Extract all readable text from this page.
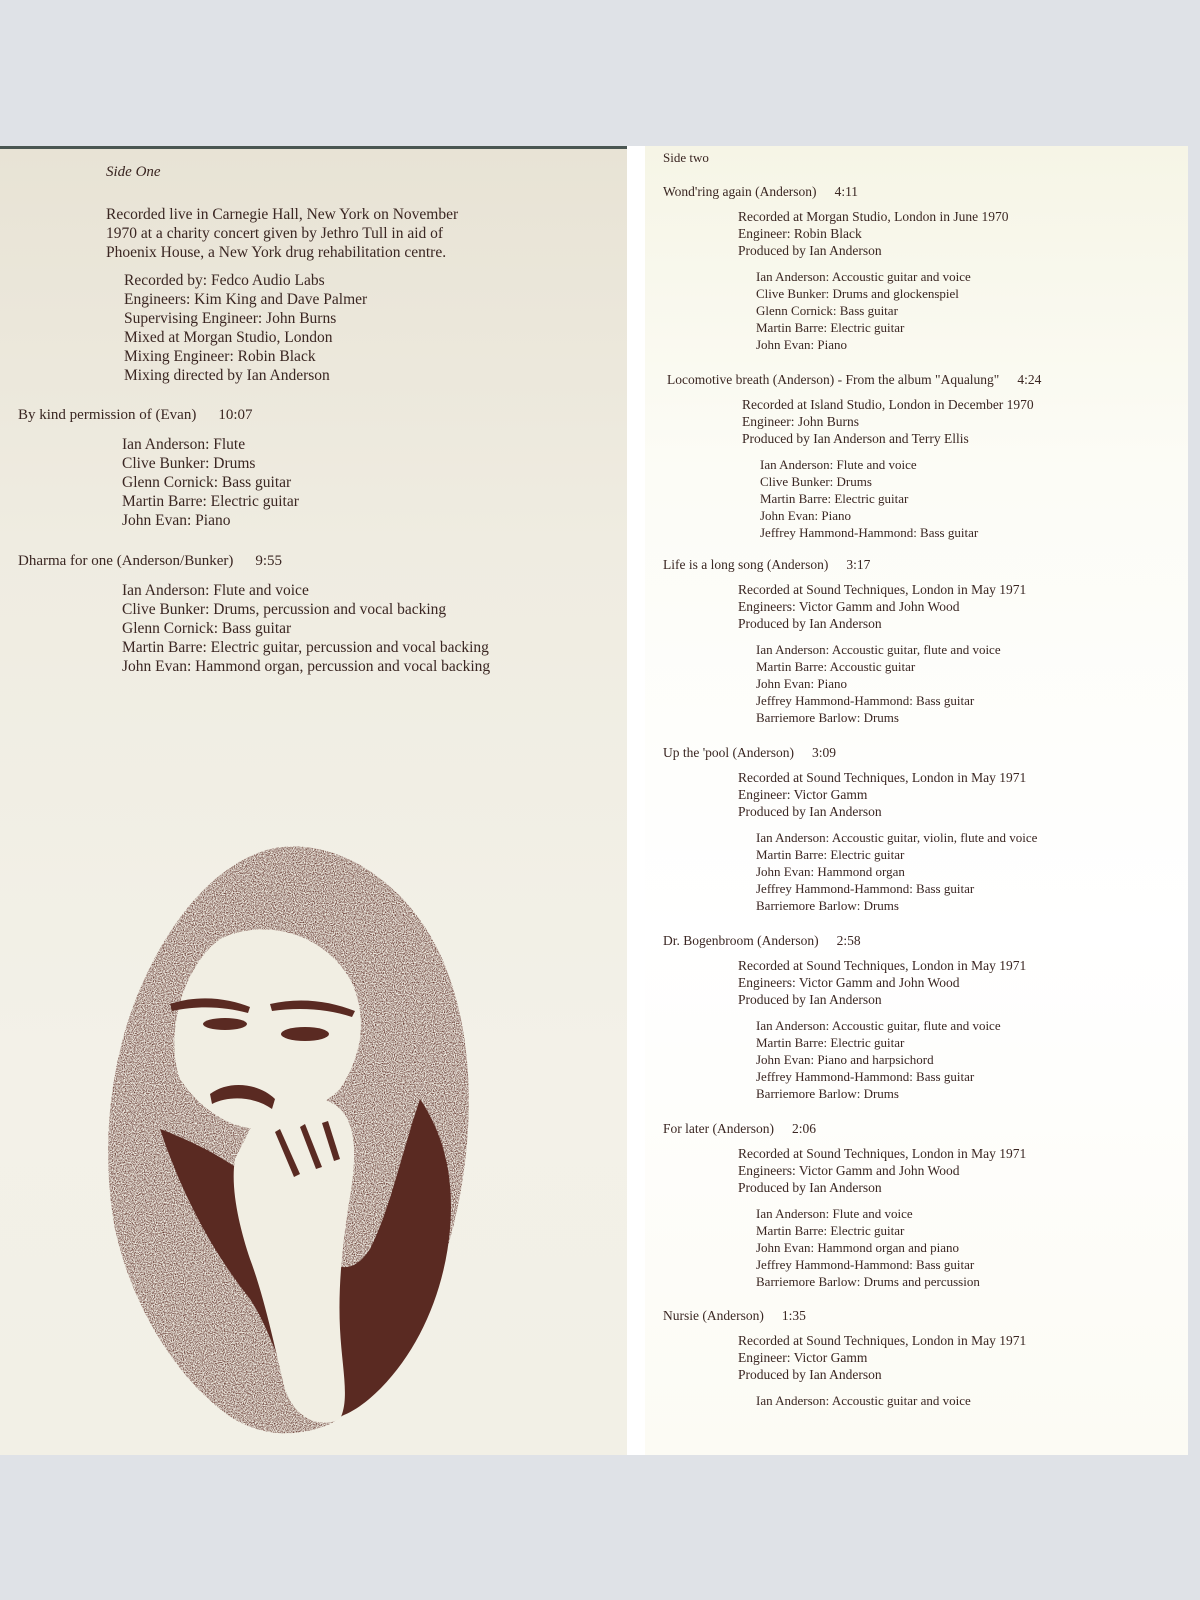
Side One
Recorded live in Carnegie Hall, New York on November
1970 at a charity concert given by Jethro Tull in aid of
Phoenix House, a New York drug rehabilitation centre.
Recorded by: Fedco Audio Labs
Engineers: Kim King and Dave Palmer
Supervising Engineer: John Burns
Mixed at Morgan Studio, London
Mixing Engineer: Robin Black
Mixing directed by Ian Anderson
By kind permission of (Evan) 10:07
Ian Anderson: Flute
Clive Bunker: Drums
Glenn Cornick: Bass guitar
Martin Barre: Electric guitar
John Evan: Piano
Dharma for one (Anderson/Bunker) 9:55
Ian Anderson: Flute and voice
Clive Bunker: Drums, percussion and vocal backing
Glenn Cornick: Bass guitar
Martin Barre: Electric guitar, percussion and vocal backing
John Evan: Hammond organ, percussion and vocal backing
Side two
Wond'ring again (Anderson) 4:11
Recorded at Morgan Studio, London in June 1970
Engineer: Robin Black
Produced by Ian Anderson
Ian Anderson: Accoustic guitar and voice
Clive Bunker: Drums and glockenspiel
Glenn Cornick: Bass guitar
Martin Barre: Electric guitar
John Evan: Piano
Locomotive breath (Anderson) - From the album "Aqualung" 4:24
Recorded at Island Studio, London in December 1970
Engineer: John Burns
Produced by Ian Anderson and Terry Ellis
Ian Anderson: Flute and voice
Clive Bunker: Drums
Martin Barre: Electric guitar
John Evan: Piano
Jeffrey Hammond-Hammond: Bass guitar
Life is a long song (Anderson) 3:17
Recorded at Sound Techniques, London in May 1971
Engineers: Victor Gamm and John Wood
Produced by Ian Anderson
Ian Anderson: Accoustic guitar, flute and voice
Martin Barre: Accoustic guitar
John Evan: Piano
Jeffrey Hammond-Hammond: Bass guitar
Barriemore Barlow: Drums
Up the 'pool (Anderson) 3:09
Recorded at Sound Techniques, London in May 1971
Engineer: Victor Gamm
Produced by Ian Anderson
Ian Anderson: Accoustic guitar, violin, flute and voice
Martin Barre: Electric guitar
John Evan: Hammond organ
Jeffrey Hammond-Hammond: Bass guitar
Barriemore Barlow: Drums
Dr. Bogenbroom (Anderson) 2:58
Recorded at Sound Techniques, London in May 1971
Engineers: Victor Gamm and John Wood
Produced by Ian Anderson
Ian Anderson: Accoustic guitar, flute and voice
Martin Barre: Electric guitar
John Evan: Piano and harpsichord
Jeffrey Hammond-Hammond: Bass guitar
Barriemore Barlow: Drums
For later (Anderson) 2:06
Recorded at Sound Techniques, London in May 1971
Engineers: Victor Gamm and John Wood
Produced by Ian Anderson
Ian Anderson: Flute and voice
Martin Barre: Electric guitar
John Evan: Hammond organ and piano
Jeffrey Hammond-Hammond: Bass guitar
Barriemore Barlow: Drums and percussion
Nursie (Anderson) 1:35
Recorded at Sound Techniques, London in May 1971
Engineer: Victor Gamm
Produced by Ian Anderson
Ian Anderson: Accoustic guitar and voice
